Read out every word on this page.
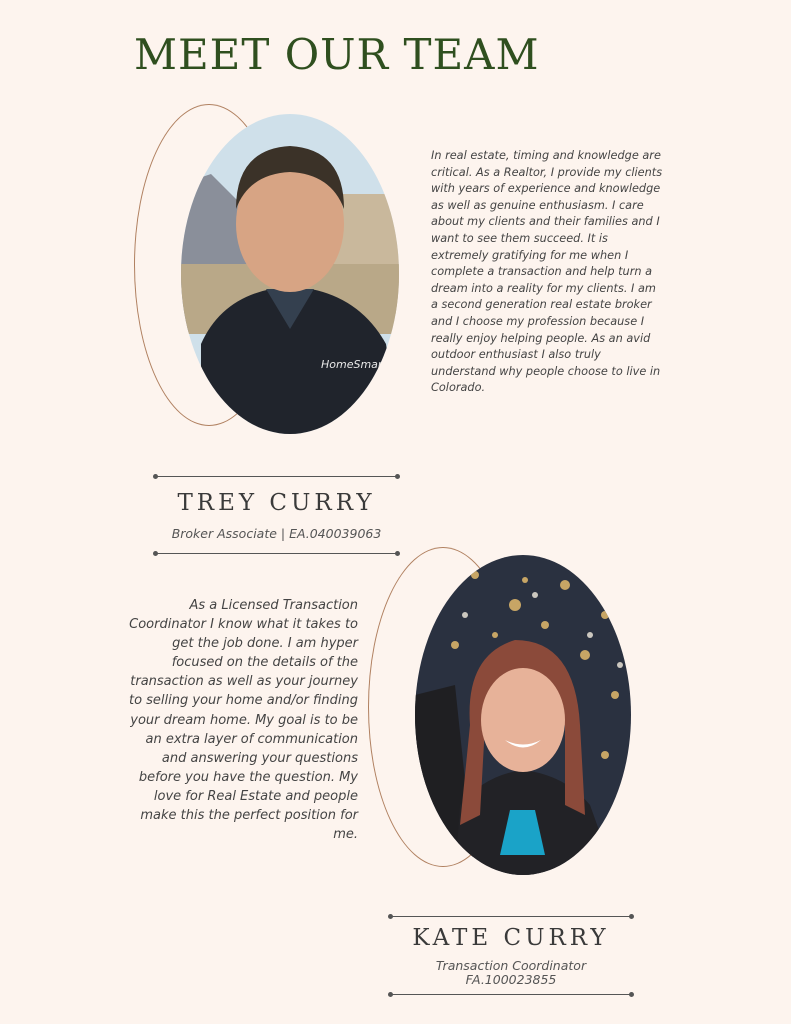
MEET OUR TEAM
HomeSmart
In real estate, timing and knowledge are critical. As a Realtor, I provide my clients with years of experience and knowledge as well as genuine enthusiasm. I care about my clients and their families and I want to see them succeed. It is extremely gratifying for me when I complete a transaction and help turn a dream into a reality for my clients. I am a second generation real estate broker and I choose my profession because I really enjoy helping people. As an avid outdoor enthusiast I also truly understand why people choose to live in Colorado.
TREY CURRY
Broker Associate | EA.040039063
As a Licensed Transaction Coordinator I know what it takes to get the job done. I am hyper focused on the details of the transaction as well as your journey to selling your home and/or finding your dream home. My goal is to be an extra layer of communication and answering your questions before you have the question. My love for Real Estate and people make this the perfect position for me.
KATE CURRY
Transaction Coordinator
FA.100023855
